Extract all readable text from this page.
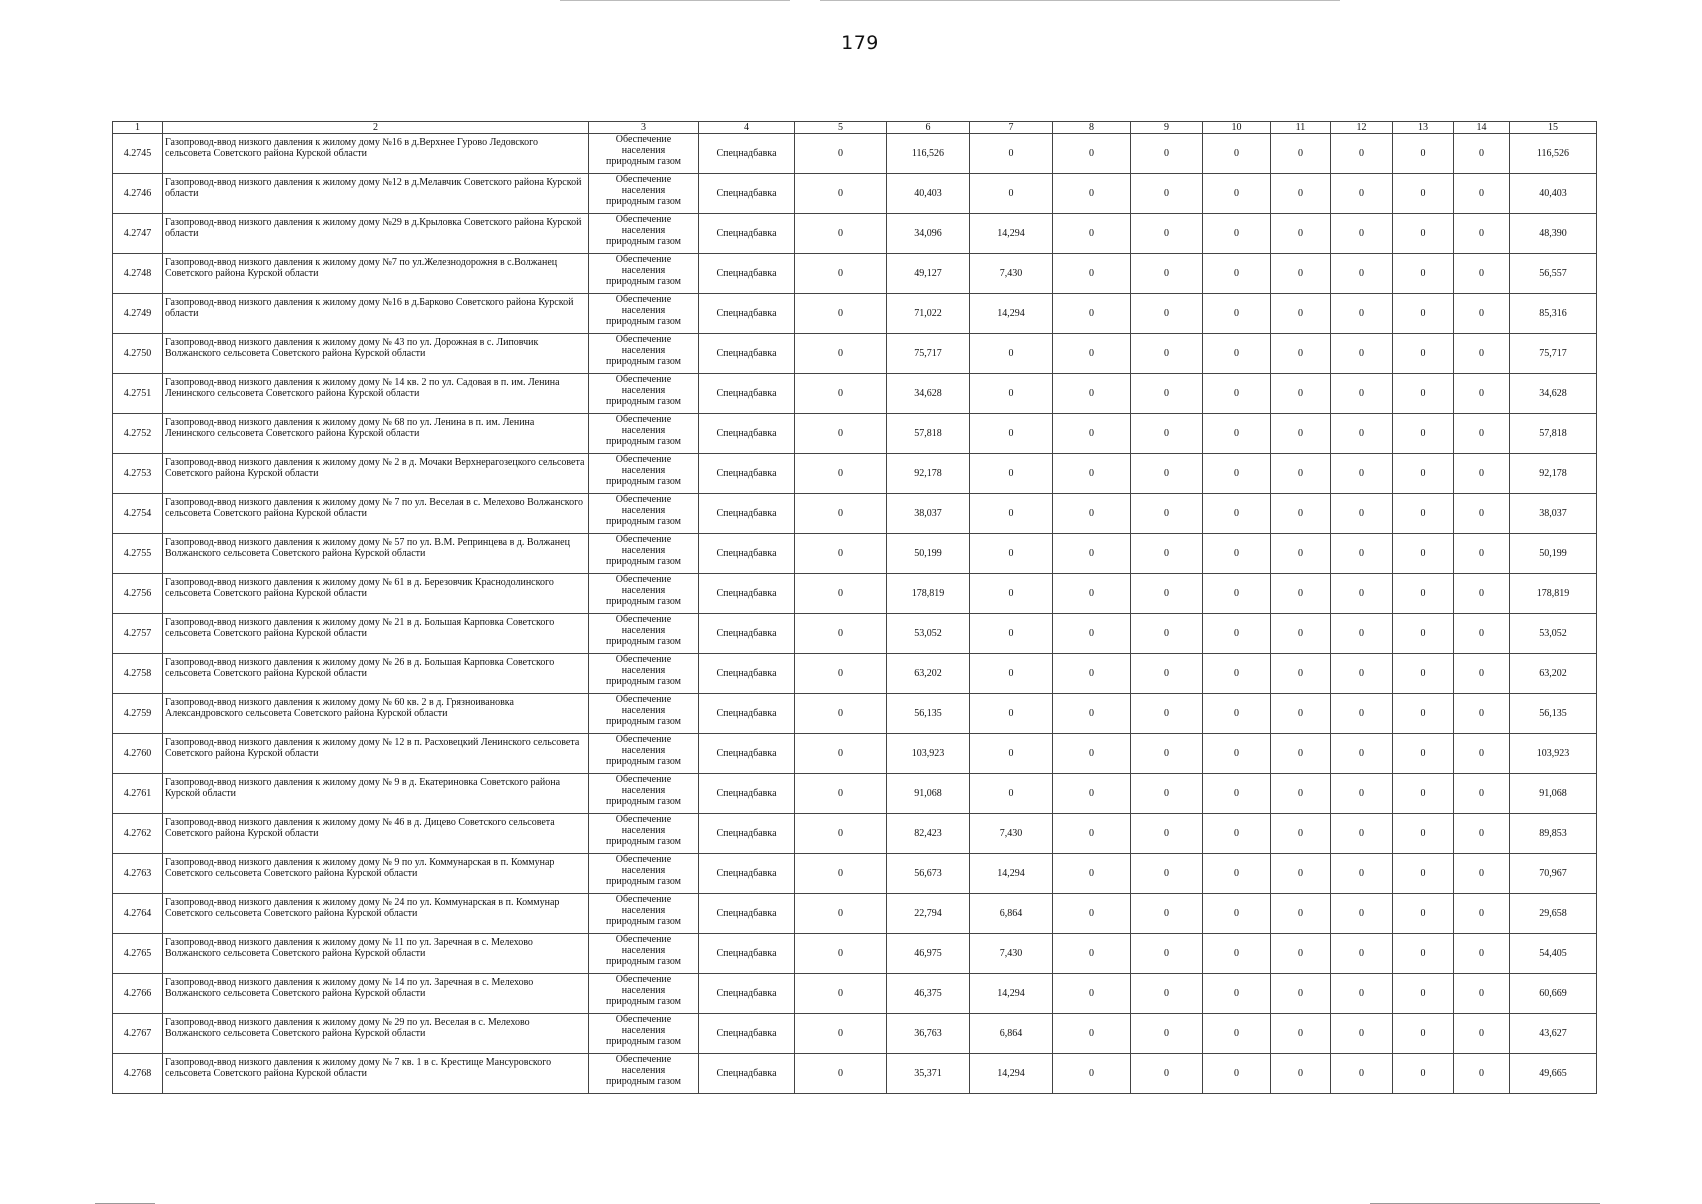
179
1	2	3	4	5	6	7	8	9	10	11	12	13	14	15
4.2745	Газопровод-ввод низкого давления к жилому дому №16 в д.Верхнее Гурово Ледовского сельсовета Советского района Курской области	Обеспечение
населения
природным газом	Спецнадбавка	0	116,526	0	0	0	0	0	0	0	0	116,526
4.2746	Газопровод-ввод низкого давления к жилому дому №12 в д.Мелавчик Советского района Курской области	Обеспечение
населения
природным газом	Спецнадбавка	0	40,403	0	0	0	0	0	0	0	0	40,403
4.2747	Газопровод-ввод низкого давления к жилому дому №29 в д.Крыловка Советского района Курской области	Обеспечение
населения
природным газом	Спецнадбавка	0	34,096	14,294	0	0	0	0	0	0	0	48,390
4.2748	Газопровод-ввод низкого давления к жилому дому №7 по ул.Железнодорожня в с.Волжанец Советского района Курской области	Обеспечение
населения
природным газом	Спецнадбавка	0	49,127	7,430	0	0	0	0	0	0	0	56,557
4.2749	Газопровод-ввод низкого давления к жилому дому №16 в д.Барково Советского района Курской области	Обеспечение
населения
природным газом	Спецнадбавка	0	71,022	14,294	0	0	0	0	0	0	0	85,316
4.2750	Газопровод-ввод низкого давления к жилому дому № 43 по ул. Дорожная в с. Липовчик Волжанского сельсовета Советского района Курской области	Обеспечение
населения
природным газом	Спецнадбавка	0	75,717	0	0	0	0	0	0	0	0	75,717
4.2751	Газопровод-ввод низкого давления к жилому дому № 14 кв. 2 по ул. Садовая в п. им. Ленина Ленинского сельсовета Советского района Курской области	Обеспечение
населения
природным газом	Спецнадбавка	0	34,628	0	0	0	0	0	0	0	0	34,628
4.2752	Газопровод-ввод низкого давления к жилому дому № 68 по ул. Ленина в п. им. Ленина Ленинского сельсовета Советского района Курской области	Обеспечение
населения
природным газом	Спецнадбавка	0	57,818	0	0	0	0	0	0	0	0	57,818
4.2753	Газопровод-ввод низкого давления к жилому дому № 2 в д. Мочаки Верхнерагозецкого сельсовета Советского района Курской области	Обеспечение
населения
природным газом	Спецнадбавка	0	92,178	0	0	0	0	0	0	0	0	92,178
4.2754	Газопровод-ввод низкого давления к жилому дому № 7 по ул. Веселая в с. Мелехово Волжанского сельсовета Советского района Курской области	Обеспечение
населения
природным газом	Спецнадбавка	0	38,037	0	0	0	0	0	0	0	0	38,037
4.2755	Газопровод-ввод низкого давления к жилому дому № 57 по ул. В.М. Репринцева в д. Волжанец Волжанского сельсовета Советского района Курской области	Обеспечение
населения
природным газом	Спецнадбавка	0	50,199	0	0	0	0	0	0	0	0	50,199
4.2756	Газопровод-ввод низкого давления к жилому дому № 61 в д. Березовчик Краснодолинского сельсовета Советского района Курской области	Обеспечение
населения
природным газом	Спецнадбавка	0	178,819	0	0	0	0	0	0	0	0	178,819
4.2757	Газопровод-ввод низкого давления к жилому дому № 21 в д. Большая Карповка Советского сельсовета Советского района Курской области	Обеспечение
населения
природным газом	Спецнадбавка	0	53,052	0	0	0	0	0	0	0	0	53,052
4.2758	Газопровод-ввод низкого давления к жилому дому № 26 в д. Большая Карповка Советского сельсовета Советского района Курской области	Обеспечение
населения
природным газом	Спецнадбавка	0	63,202	0	0	0	0	0	0	0	0	63,202
4.2759	Газопровод-ввод низкого давления к жилому дому № 60 кв. 2 в д. Грязноивановка Александровского сельсовета Советского района Курской области	Обеспечение
населения
природным газом	Спецнадбавка	0	56,135	0	0	0	0	0	0	0	0	56,135
4.2760	Газопровод-ввод низкого давления к жилому дому № 12 в п. Расховецкий Ленинского сельсовета Советского района Курской области	Обеспечение
населения
природным газом	Спецнадбавка	0	103,923	0	0	0	0	0	0	0	0	103,923
4.2761	Газопровод-ввод низкого давления к жилому дому № 9 в д. Екатериновка Советского района Курской области	Обеспечение
населения
природным газом	Спецнадбавка	0	91,068	0	0	0	0	0	0	0	0	91,068
4.2762	Газопровод-ввод низкого давления к жилому дому № 46 в д. Дицево Советского сельсовета Советского района Курской области	Обеспечение
населения
природным газом	Спецнадбавка	0	82,423	7,430	0	0	0	0	0	0	0	89,853
4.2763	Газопровод-ввод низкого давления к жилому дому № 9 по ул. Коммунарская в п. Коммунар Советского сельсовета Советского района Курской области	Обеспечение
населения
природным газом	Спецнадбавка	0	56,673	14,294	0	0	0	0	0	0	0	70,967
4.2764	Газопровод-ввод низкого давления к жилому дому № 24 по ул. Коммунарская в п. Коммунар Советского сельсовета Советского района Курской области	Обеспечение
населения
природным газом	Спецнадбавка	0	22,794	6,864	0	0	0	0	0	0	0	29,658
4.2765	Газопровод-ввод низкого давления к жилому дому № 11 по ул. Заречная в с. Мелехово Волжанского сельсовета Советского района Курской области	Обеспечение
населения
природным газом	Спецнадбавка	0	46,975	7,430	0	0	0	0	0	0	0	54,405
4.2766	Газопровод-ввод низкого давления к жилому дому № 14 по ул. Заречная в с. Мелехово Волжанского сельсовета Советского района Курской области	Обеспечение
населения
природным газом	Спецнадбавка	0	46,375	14,294	0	0	0	0	0	0	0	60,669
4.2767	Газопровод-ввод низкого давления к жилому дому № 29 по ул. Веселая в с. Мелехово Волжанского сельсовета Советского района Курской области	Обеспечение
населения
природным газом	Спецнадбавка	0	36,763	6,864	0	0	0	0	0	0	0	43,627
4.2768	Газопровод-ввод низкого давления к жилому дому № 7 кв. 1 в с. Крестище Мансуровского сельсовета Советского района Курской области	Обеспечение
населения
природным газом	Спецнадбавка	0	35,371	14,294	0	0	0	0	0	0	0	49,665
